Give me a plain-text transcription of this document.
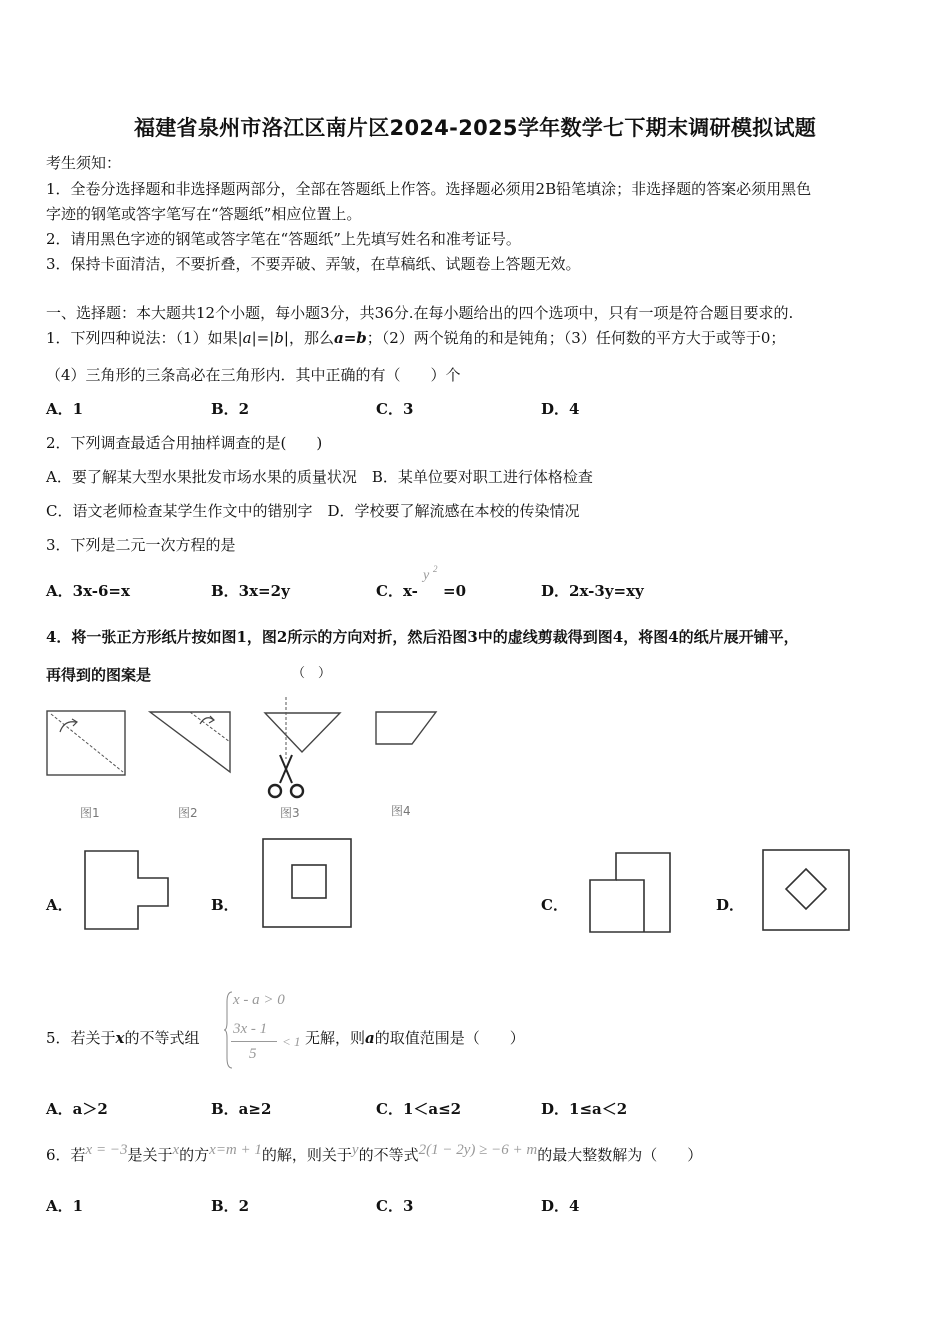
福建省泉州市洛江区南片区2024-2025学年数学七下期末调研模拟试题
考生须知：
1．全卷分选择题和非选择题两部分，全部在答题纸上作答。选择题必须用2B铅笔填涂；非选择题的答案必须用黑色
字迹的钢笔或答字笔写在“答题纸”相应位置上。
2．请用黑色字迹的钢笔或答字笔在“答题纸”上先填写姓名和准考证号。
3．保持卡面清洁，不要折叠，不要弄破、弄皱，在草稿纸、试题卷上答题无效。
一、选择题：本大题共12个小题，每小题3分，共36分.在每小题给出的四个选项中，只有一项是符合题目要求的.
1．下列四种说法：（1）如果|a|=|b|，那么a=b；（2）两个锐角的和是钝角；（3）任何数的平方大于或等于0；
（4）三角形的三条高必在三角形内．其中正确的有（　　）个
A．1	B．2	C．3	D．4
2．下列调查最适合用抽样调查的是(　　)
A．要了解某大型水果批发市场水果的质量状况　B．某单位要对职工进行体格检查
C．语文老师检查某学生作文中的错别字　D．学校要了解流感在本校的传染情况
3．下列是二元一次方程的是
A．3x-6=x	B．3x=2y	C．x-
y 2
=0	D．2x-3y=xy
4．将一张正方形纸片按如图1，图2所示的方向对折，然后沿图3中的虚线剪裁得到图4，将图4的纸片展开铺平，
再得到的图案是	（　）
图1	图2	图3	图4
A．	B．	C．	D．
5．若关于x的不等式组
x - a > 0
3x - 1
5
< 1 无解，则a的取值范围是（　　）
A．a＞2	B．a≥2	C．1＜a≤2	D．1≤a＜2
6．若x = −3是关于x的方x=m + 1的解，则关于y的不等式2(1 − 2y) ≥ −6 + m的最大整数解为（　　）
A．1	B．2	C．3	D．4
